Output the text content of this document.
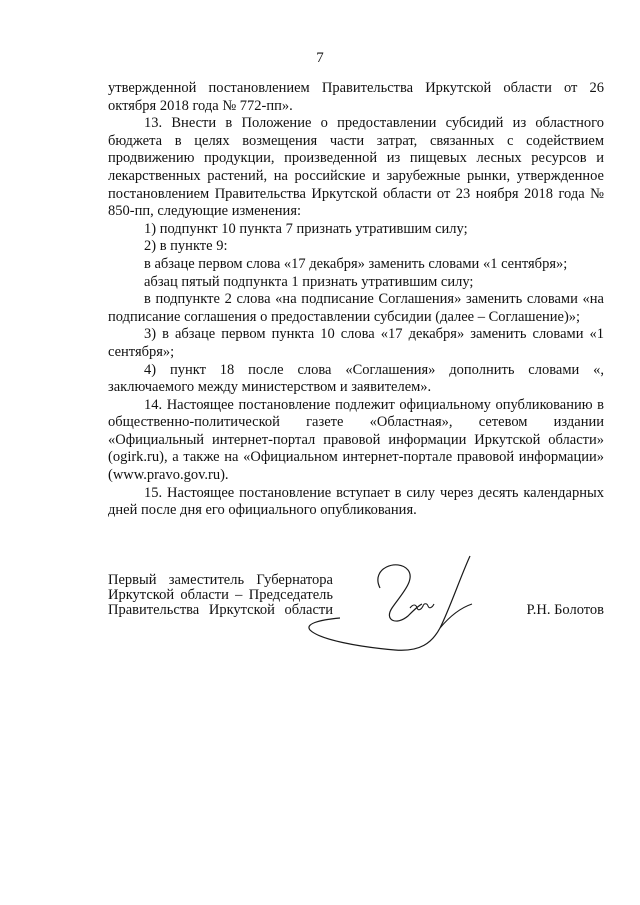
7

утвержденной постановлением Правительства Иркутской области от 26 октября 2018 года № 772-пп».

13. Внести в Положение о предоставлении субсидий из областного бюджета в целях возмещения части затрат, связанных с содействием продвижению продукции, произведенной из пищевых лесных ресурсов и лекарственных растений, на российские и зарубежные рынки, утвержденное постановлением Правительства Иркутской области от 23 ноября 2018 года № 850-пп, следующие изменения:

1) подпункт 10 пункта 7 признать утратившим силу;

2) в пункте 9:

в абзаце первом слова «17 декабря» заменить словами «1 сентября»;

абзац пятый подпункта 1 признать утратившим силу;

в подпункте 2 слова «на подписание Соглашения» заменить словами «на подписание соглашения о предоставлении субсидии (далее – Соглашение)»;

3) в абзаце первом пункта 10 слова «17 декабря» заменить словами «1 сентября»;

4) пункт 18 после слова «Соглашения» дополнить словами «, заключаемого между министерством и заявителем».

14. Настоящее постановление подлежит официальному опубликованию в общественно-политической газете «Областная», сетевом издании «Официальный интернет-портал правовой информации Иркутской области» (ogirk.ru), а также на «Официальном интернет-портале правовой информации» (www.pravo.gov.ru).

15. Настоящее постановление вступает в силу через десять календарных дней после дня его официального опубликования.

Первый заместитель Губернатора
Иркутской области – Председатель
Правительства Иркутской области	Р.Н. Болотов
